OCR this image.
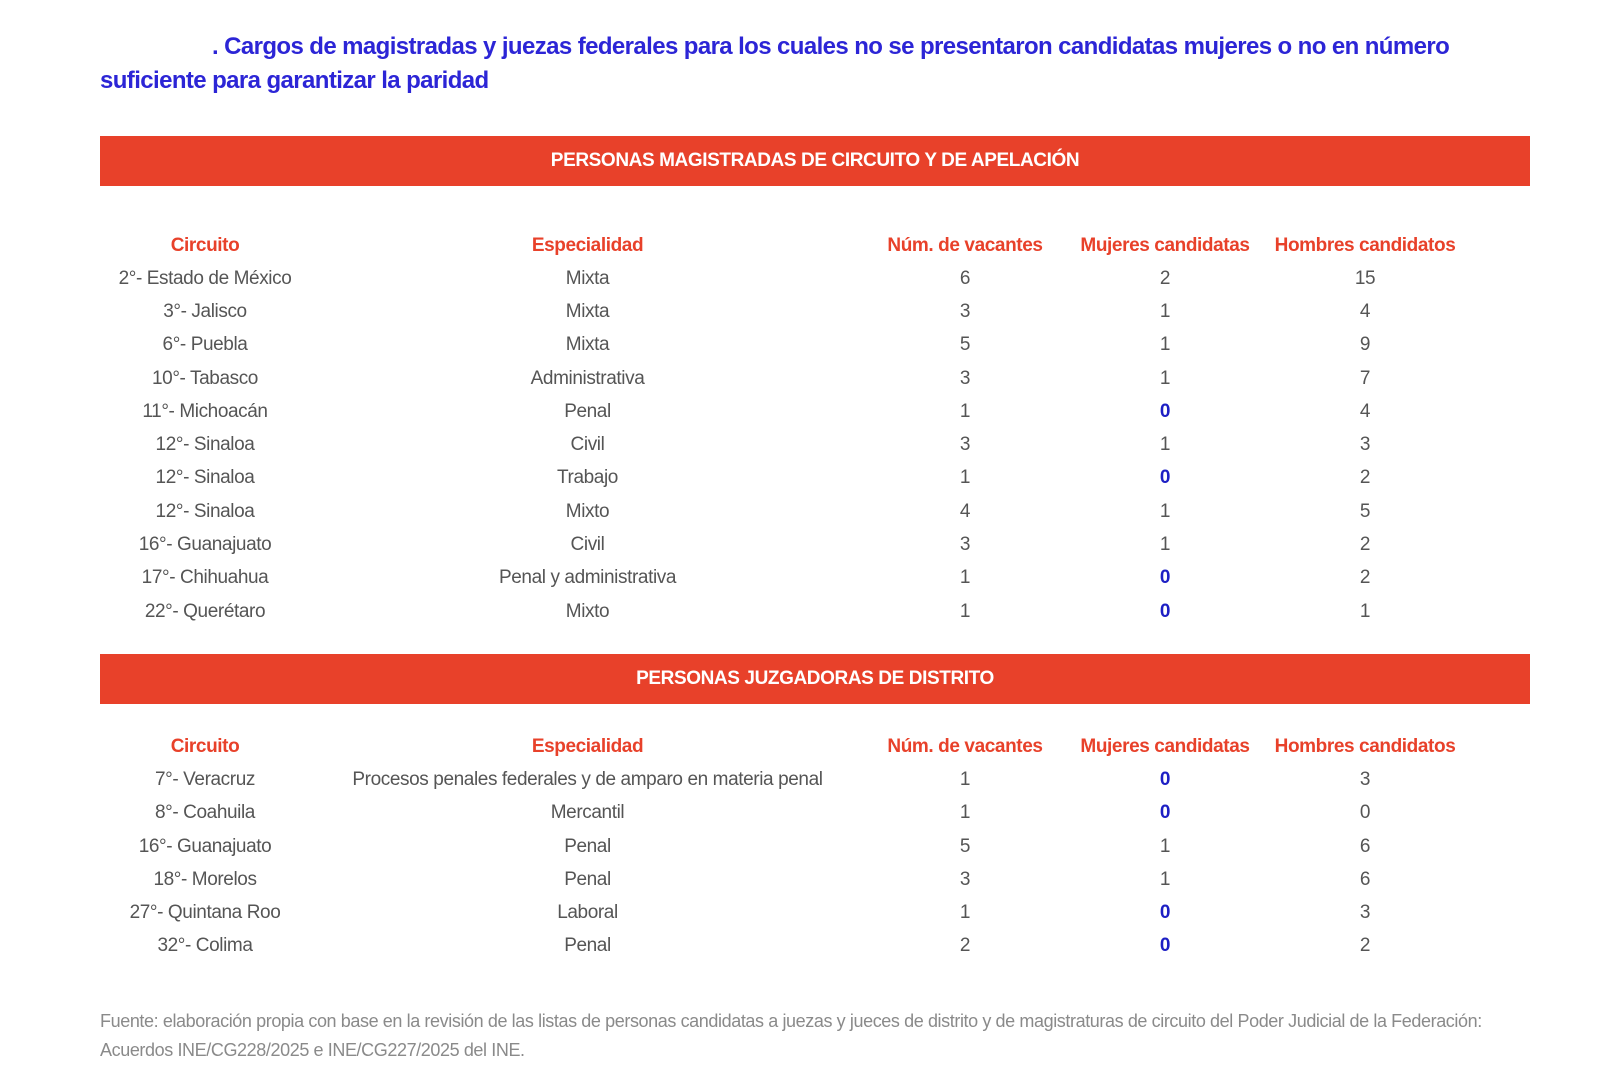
. Cargos de magistradas y juezas federales para los cuales no se presentaron candidatas mujeres o no en número suficiente para garantizar la paridad

PERSONAS MAGISTRADAS DE CIRCUITO Y DE APELACIÓN
Circuito	Especialidad	Núm. de vacantes	Mujeres candidatas	Hombres candidatos	
2°- Estado de México	Mixta	6	2	15	
3°- Jalisco	Mixta	3	1	4	
6°- Puebla	Mixta	5	1	9	
10°- Tabasco	Administrativa	3	1	7	
11°- Michoacán	Penal	1	0	4	
12°- Sinaloa	Civil	3	1	3	
12°- Sinaloa	Trabajo	1	0	2	
12°- Sinaloa	Mixto	4	1	5	
16°- Guanajuato	Civil	3	1	2	
17°- Chihuahua	Penal y administrativa	1	0	2	
22°- Querétaro	Mixto	1	0	1	
PERSONAS JUZGADORAS DE DISTRITO
Circuito	Especialidad	Núm. de vacantes	Mujeres candidatas	Hombres candidatos	
7°- Veracruz	Procesos penales federales y de amparo en materia penal	1	0	3	
8°- Coahuila	Mercantil	1	0	0	
16°- Guanajuato	Penal	5	1	6	
18°- Morelos	Penal	3	1	6	
27°- Quintana Roo	Laboral	1	0	3	
32°- Colima	Penal	2	0	2	
Fuente: elaboración propia con base en la revisión de las listas de personas candidatas a juezas y jueces de distrito y de magistraturas de circuito del Poder Judicial de la Federación: Acuerdos INE/CG228/2025 e INE/CG227/2025 del INE.
